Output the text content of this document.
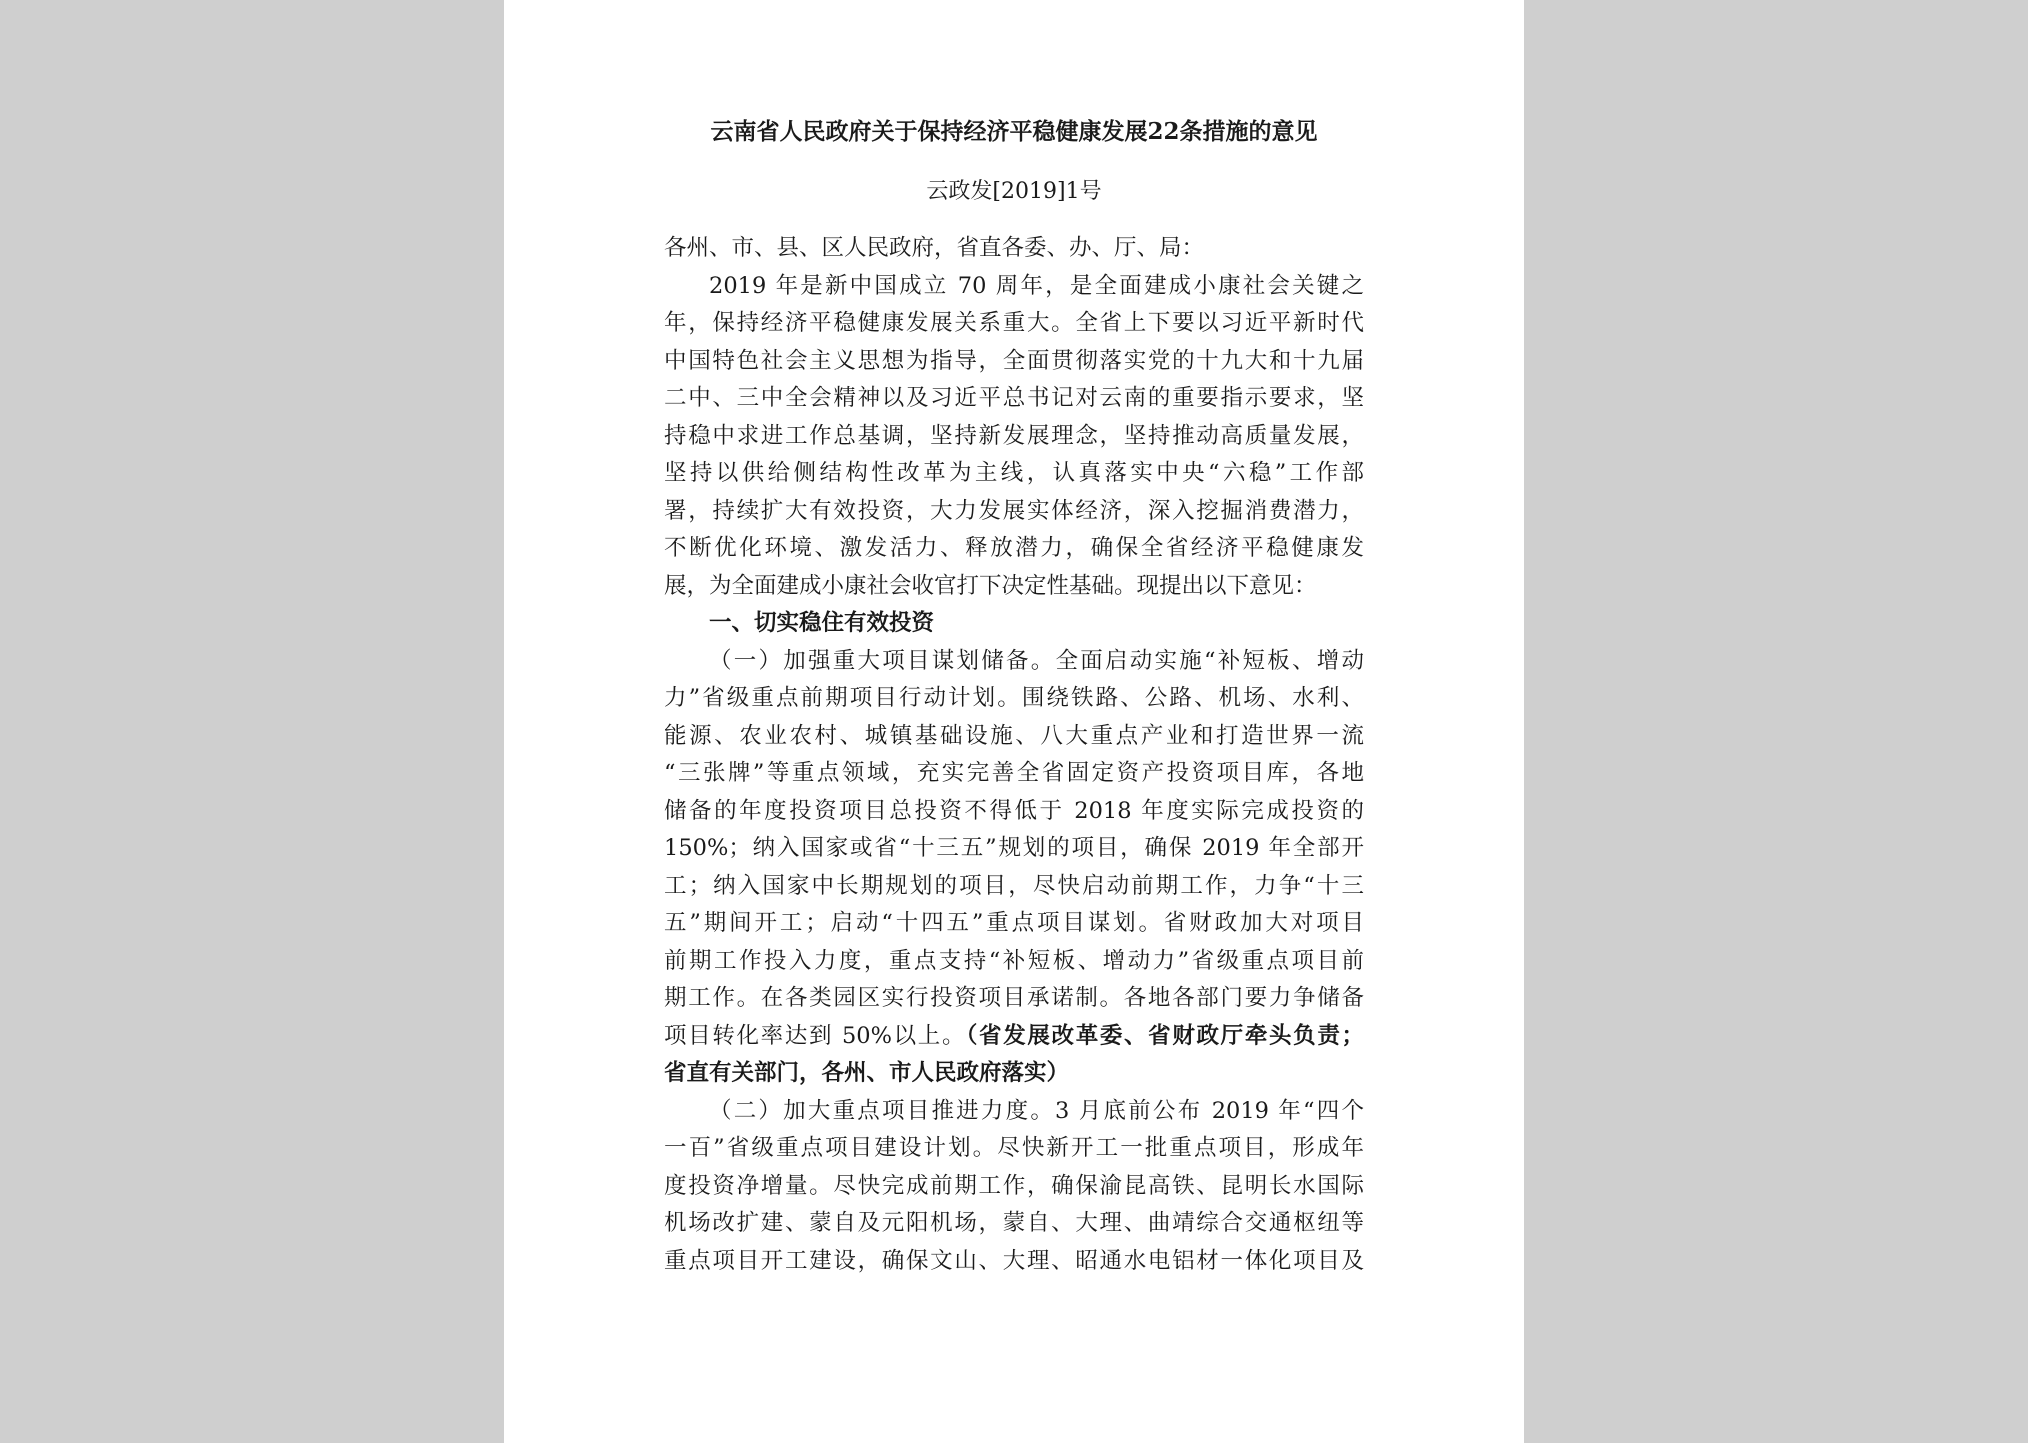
云南省人民政府关于保持经济平稳健康发展22条措施的意见
云政发[2019]1号
各州、市、县、区人民政府，省直各委、办、厅、局：
2019 年是新中国成立 70 周年，是全面建成小康社会关键之
年，保持经济平稳健康发展关系重大。全省上下要以习近平新时代
中国特色社会主义思想为指导，全面贯彻落实党的十九大和十九届
二中、三中全会精神以及习近平总书记对云南的重要指示要求，坚
持稳中求进工作总基调，坚持新发展理念，坚持推动高质量发展，
坚持以供给侧结构性改革为主线，认真落实中央“六稳”工作部
署，持续扩大有效投资，大力发展实体经济，深入挖掘消费潜力，
不断优化环境、激发活力、释放潜力，确保全省经济平稳健康发
展，为全面建成小康社会收官打下决定性基础。现提出以下意见：
一、切实稳住有效投资
（一）加强重大项目谋划储备。全面启动实施“补短板、增动
力”省级重点前期项目行动计划。围绕铁路、公路、机场、水利、
能源、农业农村、城镇基础设施、八大重点产业和打造世界一流
“三张牌”等重点领域，充实完善全省固定资产投资项目库，各地
储备的年度投资项目总投资不得低于 2018 年度实际完成投资的
150%；纳入国家或省“十三五”规划的项目，确保 2019 年全部开
工；纳入国家中长期规划的项目，尽快启动前期工作，力争“十三
五”期间开工；启动“十四五”重点项目谋划。省财政加大对项目
前期工作投入力度，重点支持“补短板、增动力”省级重点项目前
期工作。在各类园区实行投资项目承诺制。各地各部门要力争储备
项目转化率达到 50%以上。（省发展改革委、省财政厅牵头负责；
省直有关部门，各州、市人民政府落实）
（二）加大重点项目推进力度。3 月底前公布 2019 年“四个
一百”省级重点项目建设计划。尽快新开工一批重点项目，形成年
度投资净增量。尽快完成前期工作，确保渝昆高铁、昆明长水国际
机场改扩建、蒙自及元阳机场，蒙自、大理、曲靖综合交通枢纽等
重点项目开工建设，确保文山、大理、昭通水电铝材一体化项目及
